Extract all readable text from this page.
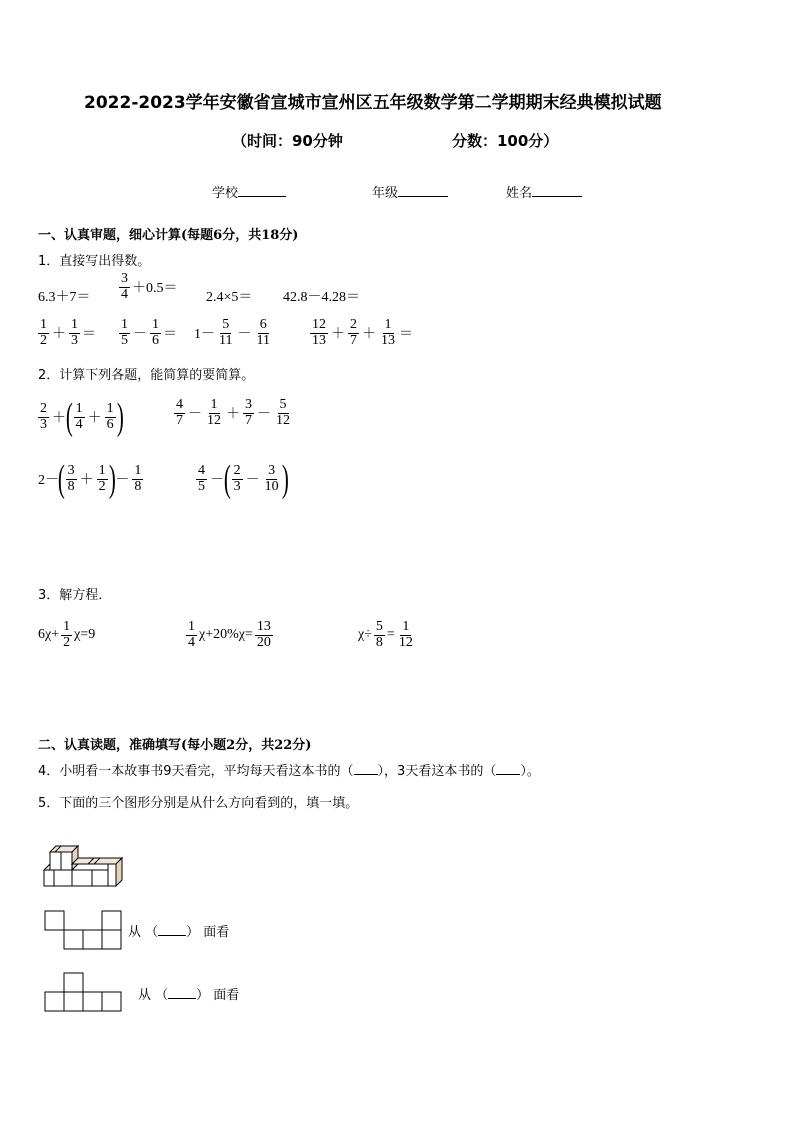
2022-2023学年安徽省宣城市宣州区五年级数学第二学期期末经典模拟试题
（时间：90分钟	分数：100分）
学校	年级	姓名
一、认真审题，细心计算(每题6分，共18分)
1．直接写出得数。
$6.3+7= \frac{3}{4} +0.5=$
2.4×5＝ 42.8－4.28＝
$\frac{1}{2} + \frac{1}{3} = \frac{1}{5} - \frac{1}{6} = 1- \frac{5}{11} - \frac{6}{11}$	$\frac{12}{13} + \frac{2}{7} + \frac{1}{13}$ ＝
2．计算下列各题，能简算的要简算。
$\frac{2}{3}$ ＋ ( $\frac{1}{4} + \frac{1}{6}$ )	$\frac{4}{7} - \frac{1}{12} + \frac{3}{7} - \frac{5}{12}$
2－
( $\frac{3}{8} + \frac{1}{2}$ ) － $\frac{1}{8}$	$\frac{4}{5}$ － ( $\frac{2}{3} - \frac{3}{10}$ )
3．解方程．
$6\chi+ \frac{1}{2} \chi=9$	$\frac{1}{4} \chi+20\%\chi= \frac{13}{20}$	$\chi\div \frac{5}{8} = \frac{1}{12}$
二、认真读题，准确填写(每小题2分，共22分)
4．小明看一本故事书9天看完，平均每天看这本书的（ ），3天看这本书的（ ）。
5．下面的三个图形分别是从什么方向看到的，填一填。
从 （ ） 面看
从 （ ） 面看
